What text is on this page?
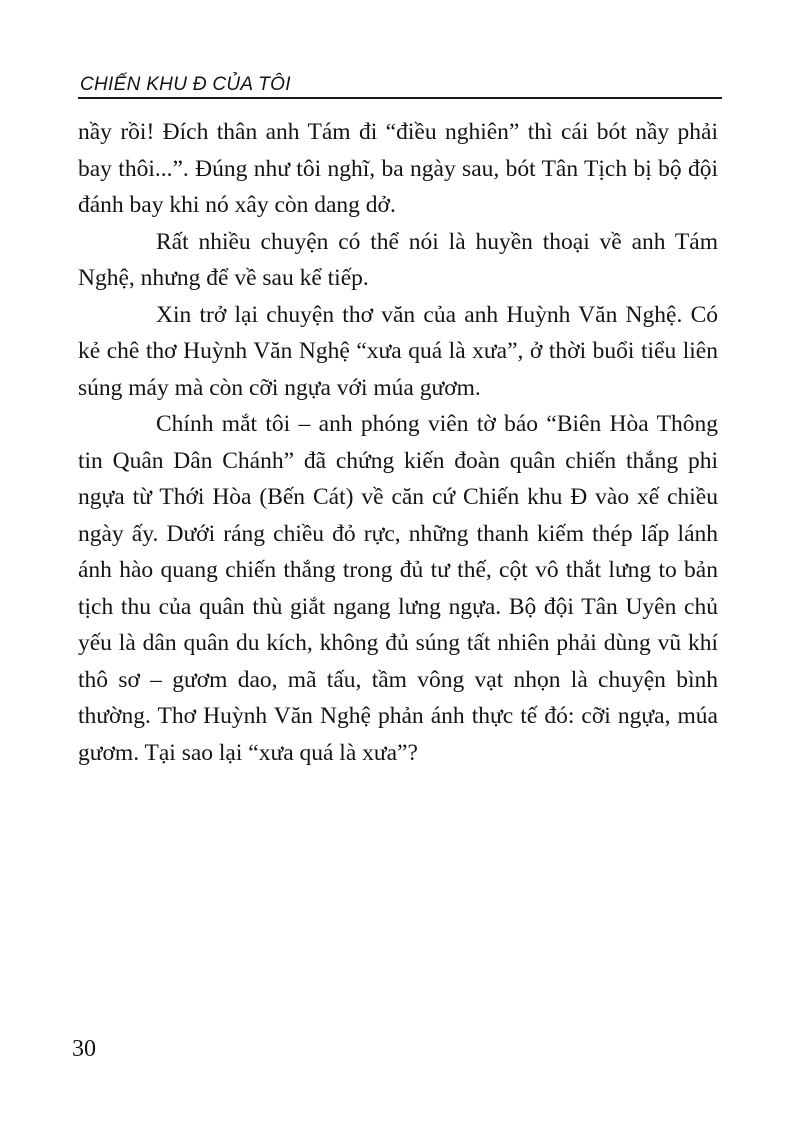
CHIẾN KHU Đ CỦA TÔI

nầy rồi! Đích thân anh Tám đi “điều nghiên” thì cái bót nầy phải bay thôi...”. Đúng như tôi nghĩ, ba ngày sau, bót Tân Tịch bị bộ đội đánh bay khi nó xây còn dang dở.

Rất nhiều chuyện có thể nói là huyền thoại về anh Tám Nghệ, nhưng để về sau kể tiếp.

Xin trở lại chuyện thơ văn của anh Huỳnh Văn Nghệ. Có kẻ chê thơ Huỳnh Văn Nghệ “xưa quá là xưa”, ở thời buổi tiểu liên súng máy mà còn cỡi ngựa với múa gươm.

Chính mắt tôi – anh phóng viên tờ báo “Biên Hòa Thông tin Quân Dân Chánh” đã chứng kiến đoàn quân chiến thắng phi ngựa từ Thới Hòa (Bến Cát) về căn cứ Chiến khu Đ vào xế chiều ngày ấy. Dưới ráng chiều đỏ rực, những thanh kiếm thép lấp lánh ánh hào quang chiến thắng trong đủ tư thế, cột vô thắt lưng to bản tịch thu của quân thù giắt ngang lưng ngựa. Bộ đội Tân Uyên chủ yếu là dân quân du kích, không đủ súng tất nhiên phải dùng vũ khí thô sơ – gươm dao, mã tấu, tầm vông vạt nhọn là chuyện bình thường. Thơ Huỳnh Văn Nghệ phản ánh thực tế đó: cỡi ngựa, múa gươm. Tại sao lại “xưa quá là xưa”?

30
